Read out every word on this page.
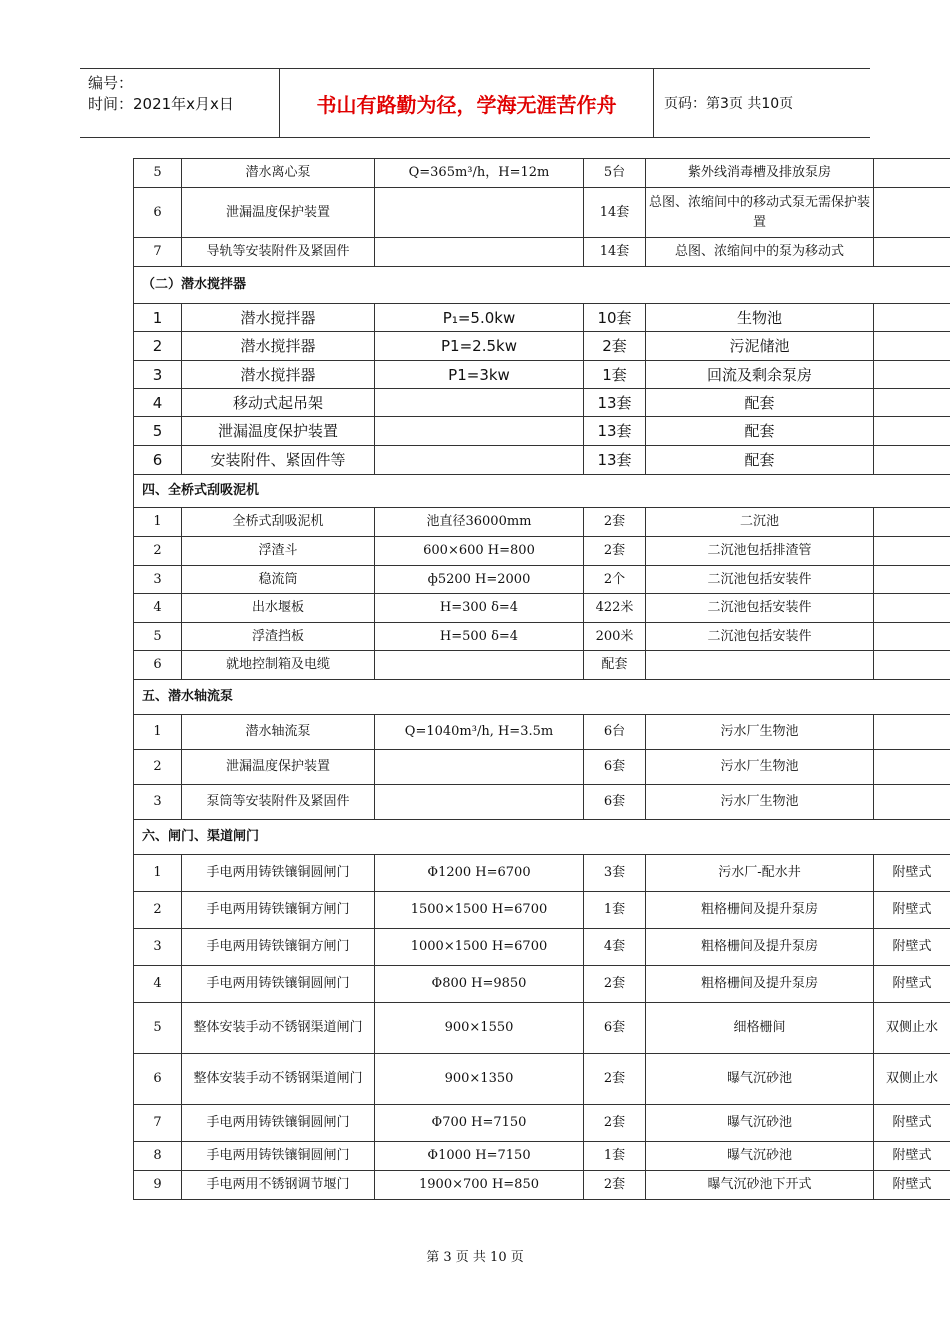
编号：
时间：2021年x月x日	书山有路勤为径，学海无涯苦作舟	页码：第3页 共10页
5	潜水离心泵	Q=365m³/h，H=12m	5台	紫外线消毒槽及排放泵房	
6	泄漏温度保护装置		14套	总图、浓缩间中的移动式泵无需保护装置	
7	导轨等安装附件及紧固件		14套	总图、浓缩间中的泵为移动式	
（二）潜水搅拌器					
1	潜水搅拌器	P₁=5.0kw	10套	生物池	
2	潜水搅拌器	P1=2.5kw	2套	污泥储池	
3	潜水搅拌器	P1=3kw	1套	回流及剩余泵房	
4	移动式起吊架		13套	配套	
5	泄漏温度保护装置		13套	配套	
6	安装附件、紧固件等		13套	配套	
四、全桥式刮吸泥机					
1	全桥式刮吸泥机	池直径36000mm	2套	二沉池	
2	浮渣斗	600×600 H=800	2套	二沉池包括排渣管	
3	稳流筒	ф5200 H=2000	2个	二沉池包括安装件	
4	出水堰板	H=300 δ=4	422米	二沉池包括安装件	
5	浮渣挡板	H=500 δ=4	200米	二沉池包括安装件	
6	就地控制箱及电缆		配套		
五、潜水轴流泵					
1	潜水轴流泵	Q=1040m³/h, H=3.5m	6台	污水厂生物池	
2	泄漏温度保护装置		6套	污水厂生物池	
3	泵筒等安装附件及紧固件		6套	污水厂生物池	
六、闸门、渠道闸门					
1	手电两用铸铁镶铜圆闸门	Φ1200 H=6700	3套	污水厂-配水井	附壁式
2	手电两用铸铁镶铜方闸门	1500×1500 H=6700	1套	粗格栅间及提升泵房	附壁式
3	手电两用铸铁镶铜方闸门	1000×1500 H=6700	4套	粗格栅间及提升泵房	附壁式
4	手电两用铸铁镶铜圆闸门	Φ800 H=9850	2套	粗格栅间及提升泵房	附壁式
5	整体安装手动不锈钢渠道闸门	900×1550	6套	细格栅间	双侧止水
6	整体安装手动不锈钢渠道闸门	900×1350	2套	曝气沉砂池	双侧止水
7	手电两用铸铁镶铜圆闸门	Φ700 H=7150	2套	曝气沉砂池	附壁式
8	手电两用铸铁镶铜圆闸门	Φ1000 H=7150	1套	曝气沉砂池	附壁式
9	手电两用不锈钢调节堰门	1900×700 H=850	2套	曝气沉砂池下开式	附壁式
第 3 页 共 10 页
